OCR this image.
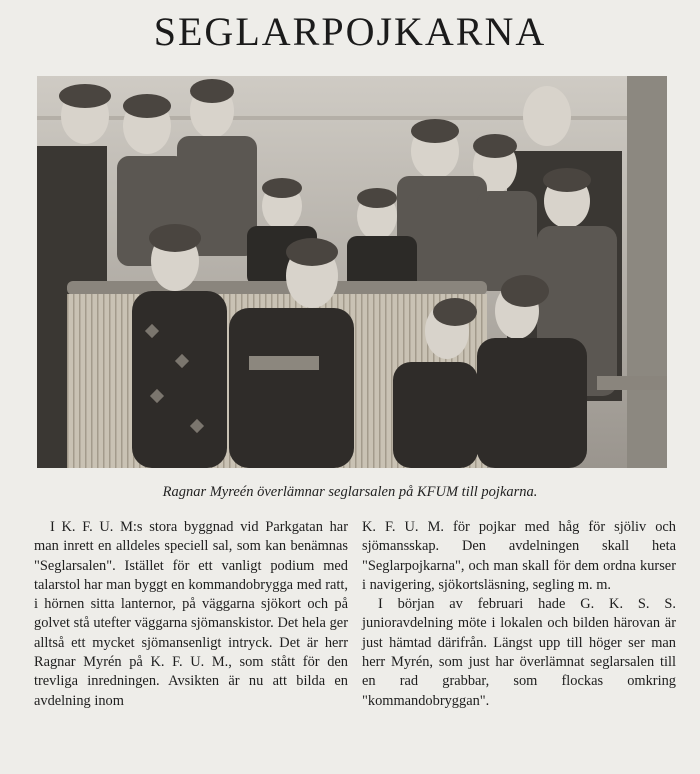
SEGLARPOJKARNA
Ragnar Myreén överlämnar seglarsalen på KFUM till pojkarna.

I K. F. U. M:s stora byggnad vid Parkgatan har man inrett en alldeles speciell sal, som kan benämnas "Seglarsalen". Istället för ett vanligt podium med talarstol har man byggt en kommandobrygga med ratt, i hörnen sitta lanternor, på väggarna sjökort och på golvet stå utefter väggarna sjömanskistor. Det hela ger alltså ett mycket sjömansenligt intryck. Det är herr Ragnar Myrén på K. F. U. M., som stått för den trevliga inredningen. Avsikten är nu att bilda en avdelning inom

K. F. U. M. för pojkar med håg för sjöliv och sjömansskap. Den avdelningen skall heta "Seglarpojkarna", och man skall för dem ordna kurser i navigering, sjökortsläsning, segling m. m.

I början av februari hade G. K. S. S. junioravdelning möte i lokalen och bilden härovan är just hämtad därifrån. Längst upp till höger ser man herr Myrén, som just har överlämnat seglarsalen till en rad grabbar, som flockas omkring "kommandobryggan".
